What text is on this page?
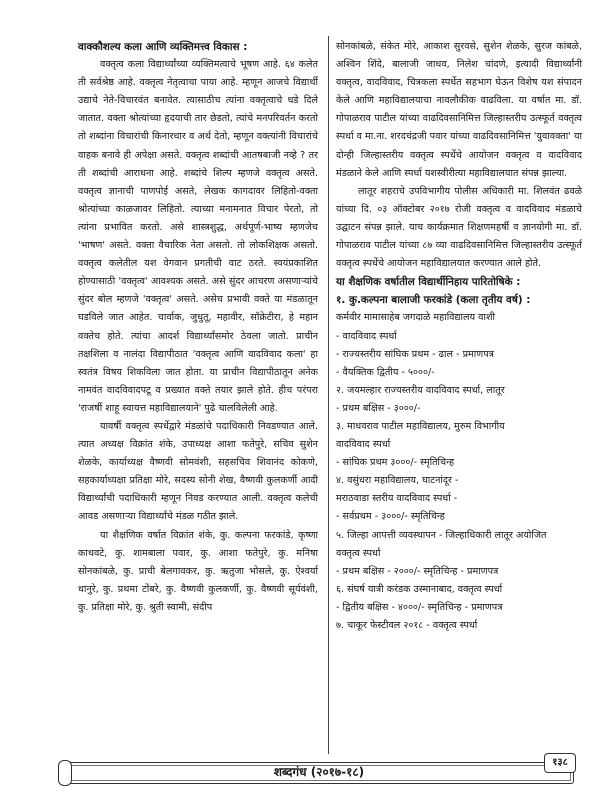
वाक्कौशल्य कला आणि व्यक्तिमत्त्व विकास :

वक्तृत्व कला विद्यार्थ्यांच्या व्यक्तिमत्वाचे भूषण आहे. ६४ कलेत ती सर्वश्रेष्ठ आहे. वक्तृत्व नेतृत्वाचा पाया आहे. म्हणून आजचे विद्यार्थी उद्याचे नेते-विचारवंत बनावेत. त्यासाठीच त्यांना वक्तृत्वाचे धडे दिले जातात. वक्ता श्रोत्यांच्या हृदयाची तार छेडतो, त्यांचे मनपरिवर्तन करतो तो शब्दांना विचारांची किनारधार व अर्थ देतो, म्हणून वक्त्यांनी विचारांचे वाहक बनावे ही अपेक्षा असते. वक्तृत्व शब्दांची आतषबाजी नव्हे ? तर ती शब्दांची आराधना आहे. शब्दांचे शिल्प म्हणजे वक्तृत्व असते. वक्तृत्व ज्ञानाची पाणपोई असते, लेखक कागदावर लिहितो-वक्ता श्रोत्यांच्या काळजावर लिहितो. त्याच्या मनामनात विचार पेरतो, तो त्यांना प्रभावित करतो. असे शास्त्रशुद्ध, अर्थपूर्ण-भाष्य म्हणजेच 'भाषण' असते. वक्ता वैचारिक नेता असतो. तो लोकशिक्षक असतो. वक्तृत्व कलेतील यश वेगवान प्रगतीची वाट ठरते. स्वयंप्रकाशित होण्यासाठी 'वक्तृत्व' आवश्यक असते. असे सुंदर आचरण असणाऱ्यांचे सुंदर बोल म्हणजे 'वक्तृत्व' असते. असेच प्रभावी वक्ते या मंडळातून घडविले जात आहेत. चार्वाक, जुधुतू, महावीर, सॉक्रेटीरा, हे महान वक्तेच होते. त्यांचा आदर्श विद्यार्थ्यांसमोर ठेवला जातो. प्राचीन तक्षशिला व नालंदा विद्यापीठात 'वक्तृत्व आणि वादविवाद कला' हा स्वतंत्र विषय शिकविला जात होता. या प्राचीन विद्यापीठातून अनेक नामवंत वादविवादपटू व प्रख्यात वक्ते तयार झाले होते. हीच परंपरा 'राजर्षी शाहू स्वायत्त महाविद्यालयाने' पुढे चालविलेली आहे.

यावर्षी वक्तृत्व स्पर्धेद्वारे मंडळांचे पदाधिकारी निवडण्यात आले. त्यात अध्यक्ष विक्रांत शंके, उपाध्यक्ष आशा फतेपुरे, सचिव सुशेन शेळके, कार्याध्यक्ष वैष्णवी सोमवंशी, सहसचिव शिवानंद कोकणे, सहकार्याध्यक्षा प्रतिक्षा मोरे, सदस्य सोनी शेख, वैष्णवी कुलकर्णी आदी विद्यार्थ्यांची पदाधिकारी म्हणून निवड करण्यात आली. वक्तृत्व कलेची आवड असणाऱ्या विद्यार्थ्यांचे मंडळ गठीत झाले.

या शैक्षणिक वर्षात विक्रांत शंके, कु. कल्पना फरकांडे, कृष्णा काथवटे, कु. शामबाला पवार, कु. आशा फतेपुरे, कु. मनिषा सोनकांबळे, कु. प्राची बेलगावकर, कु. ऋतुजा भोसले, कु. ऐश्वर्या धानुरे, कु. प्रथमा टोंबरे, कु. वैष्णवी कुलकर्णी, कु. वैष्णवी सूर्यवंशी, कु. प्रतिक्षा मोरे, कु. श्रुती स्वामी, संदीप

सोनकांबळे, संकेत मोरे, आकाश सुरवसे, सुशेन शेळके, सुरज कांबळे, अश्विन शिंदे, बालाजी जाधव, निलेश चांदणे, इत्यादी विद्यार्थ्यांनी वक्तृत्व, वादविवाद, चित्रकला स्पर्धेत सहभाग घेऊन विशेष यश संपादन केले आणि महाविद्यालयाचा नावलौकीक वाढविला. या वर्षात मा. डॉ. गोपाळराव पाटील यांच्या वाढदिवसानिमित्त जिल्हास्तरीय उत्स्फूर्त वक्तृत्व स्पर्धा व मा.ना. शरदचंद्रजी पवार यांच्या वाढदिवसानिमित्त 'युवावक्ता' या दोन्ही जिल्हास्तरीय वक्तृत्व स्पर्धेचे आयोजन वक्तृत्व व वादविवाद मंडळाने केले आणि स्पर्धा यशस्वीरीत्या महाविद्यालयात संपन्न झाल्या.

लातूर शहराचे उपविभागीय पोलीस अधिकारी मा. शिलवंत ढवळे यांच्या दि. ०३ ऑक्टोबर २०१७ रोजी वक्तृत्व व वादविवाद मंडळाचे उद्घाटन संपन्न झाले. याच कार्यक्रमात शिक्षणमहर्षी व ज्ञानयोगी मा. डॉ. गोपाळराव पाटील यांच्या ८७ व्या वाढदिवसानिमित्त जिल्हास्तरीय उत्स्फूर्त वक्तृत्व स्पर्धेचे आयोजन महाविद्यालयात करण्यात आले होते.

या शैक्षणिक वर्षातील विद्यार्थीनिहाय पारितोषिके :

१. कु.कल्पना बालाजी फरकांडे (कला तृतीय वर्ष) :

कर्मवीर मामासाहेब जगदाळे महाविद्यालय वाशी

- वादविवाद स्पर्धा

- राज्यस्तरीय सांघिक प्रथम - ढाल - प्रमाणपत्र

- वैयक्तिक द्वितीय - ५०००/-

२. जयमल्हार राज्यस्तरीय वादविवाद स्पर्धा, लातूर

- प्रथम बक्षिस - ३०००/-

३. माधवराव पाटील महाविद्यालय, मुरुम विभागीय

वादविवाद स्पर्धा

- सांघिक प्रथम ३०००/- स्मृतिचिन्ह

४. वसुंधरा महाविद्यालय, घाटनांदूर -

मराठवाडा स्तरीय वादविवाद स्पर्धा -

- सर्वप्रथम - ३०००/- स्मृतिचिन्ह

५. जिल्हा आपत्ती व्यवस्थापन - जिल्हाधिकारी लातूर अयोजित

वक्तृत्व स्पर्धा

- प्रथम बक्षिस - २०००/- स्मृतिचिन्ह - प्रमाणपत्र

६. संघर्ष यात्री करंडक उस्मानाबाद, वक्तृत्व स्पर्धा

- द्वितीय बक्षिस - ४०००/- स्मृतिचिन्ह - प्रमाणपत्र

७. चाकूर फेस्टीवल २०१८ - वक्तृत्व स्पर्धा

शब्दगंध (२०१७-१८)
१३८
